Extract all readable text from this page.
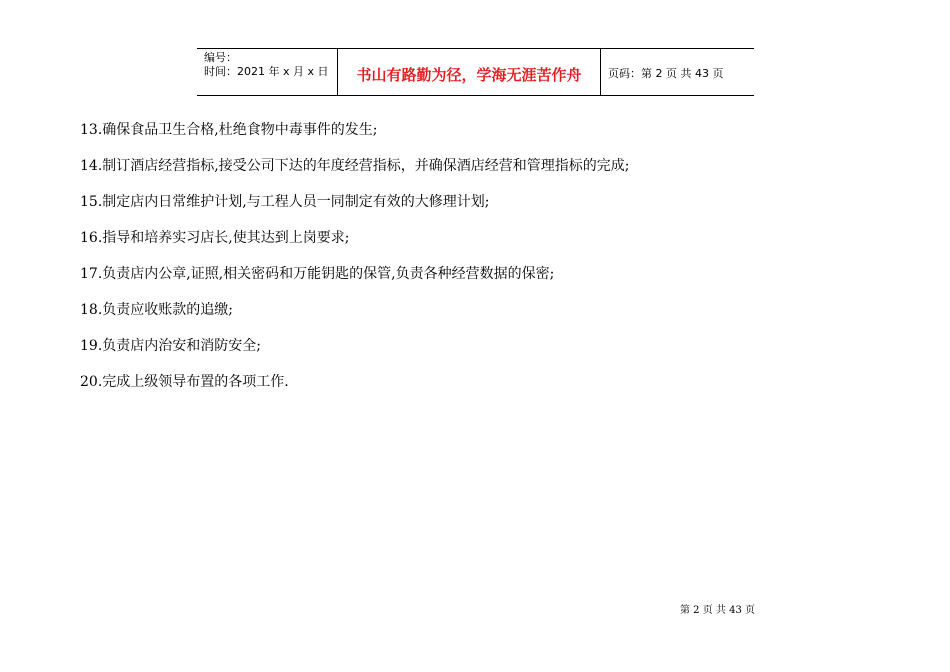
编号：
时间：2021 年 x 月 x 日	书山有路勤为径，学海无涯苦作舟 页码：第 2 页 共 43 页
13.确保食品卫生合格,杜绝食物中毒事件的发生;
14.制订酒店经营指标,接受公司下达的年度经营指标，并确保酒店经营和管理指标的完成;
15.制定店内日常维护计划,与工程人员一同制定有效的大修理计划;
16.指导和培养实习店长,使其达到上岗要求;
17.负责店内公章,证照,相关密码和万能钥匙的保管,负责各种经营数据的保密;
18.负责应收账款的追缴;
19.负责店内治安和消防安全;
20.完成上级领导布置的各项工作.
第 2 页 共 43 页
